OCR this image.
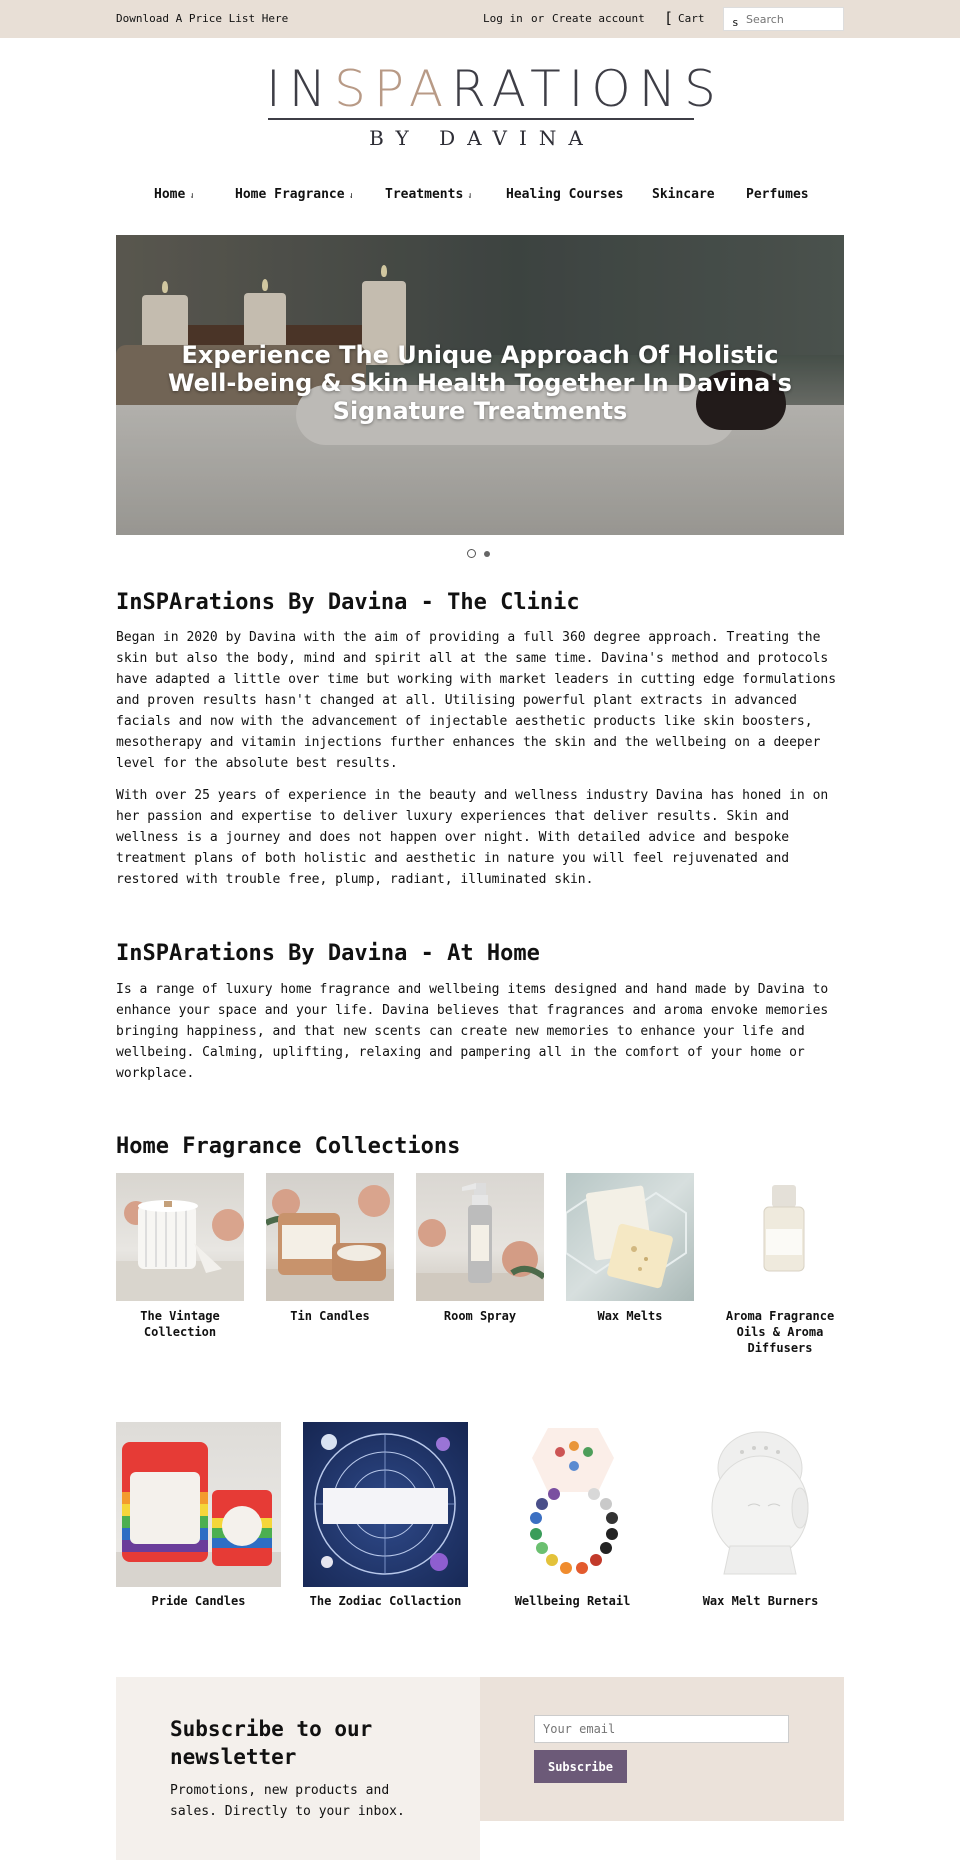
Download A Price List Here	Log in or Create account [ Cart	s
Search
INSPARATIONS
BY DAVINA
Home ⇃	Home Fragrance ⇃ Treatments ⇃	Healing Courses Skincare Perfumes
Experience The Unique Approach Of Holistic Well-being & Skin Health Together In Davina's Signature Treatments
InSPArations By Davina - The Clinic

Began in 2020 by Davina with the aim of providing a full 360 degree approach. Treating the skin but also the body, mind and spirit all at the same time. Davina's method and protocols have adapted a little over time but working with market leaders in cutting edge formulations and proven results hasn't changed at all. Utilising powerful plant extracts in advanced facials and now with the advancement of injectable aesthetic products like skin boosters, mesotherapy and vitamin injections further enhances the skin and the wellbeing on a deeper level for the absolute best results.

With over 25 years of experience in the beauty and wellness industry Davina has honed in on her passion and expertise to deliver luxury experiences that deliver results. Skin and wellness is a journey and does not happen over night. With detailed advice and bespoke treatment plans of both holistic and aesthetic in nature you will feel rejuvenated and restored with trouble free, plump, radiant, illuminated skin.

InSPArations By Davina - At Home

Is a range of luxury home fragrance and wellbeing items designed and hand made by Davina to enhance your space and your life. Davina believes that fragrances and aroma envoke memories bringing happiness, and that new scents can create new memories to enhance your life and wellbeing. Calming, uplifting, relaxing and pampering all in the comfort of your home or workplace.

Home Fragrance Collections
The Vintage Collection
Tin Candles	Room Spray	Wax Melts	Aroma Fragrance Oils & Aroma Diffusers
Pride Candles	The Zodiac Collaction	Wellbeing Retail	Wax Melt Burners
Subscribe to our newsletter

Promotions, new products and sales. Directly to your inbox.

Your email
Subscribe
